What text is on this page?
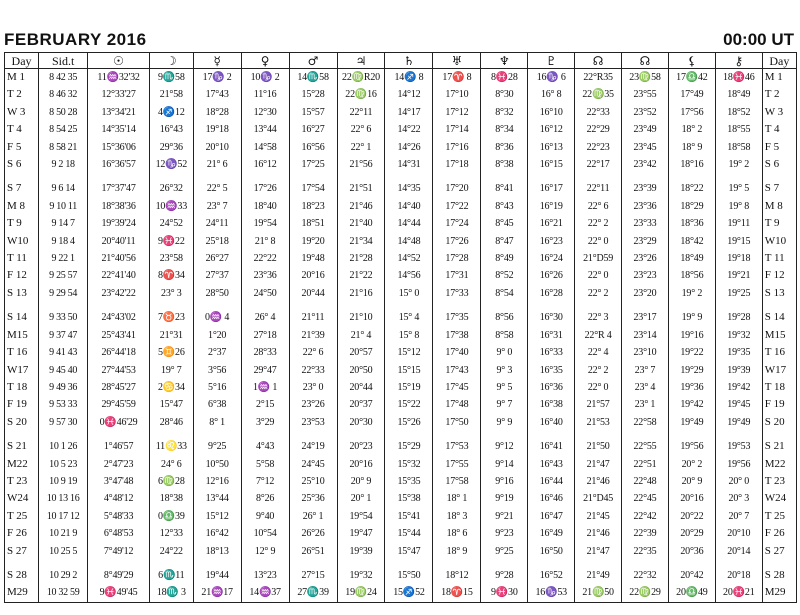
FEBRUARY 2016	00:00 UT
Day	Sid.t	☉	☽	☿	♀	♂	♃	♄	♅	♆	♇	☊	☊	⚸	⚷	Day
M 1	8 42 35	11♒32'32	9♏58	17♑ 2	10♑ 2	14♏58	22♍R20	14♐ 8	17♈ 8	8♓28	16♑ 6	22°R35	23♍58	17♎42	18♓46	M 1
T 2	8 46 32	12°33'27	21°58	17°43	11°16	15°28	22♍16	14°12	17°10	8°30	16° 8	22♍35	23°55	17°49	18°49	T 2
W 3	8 50 28	13°34'21	4♐12	18°28	12°30	15°57	22°11	14°17	17°12	8°32	16°10	22°33	23°52	17°56	18°52	W 3
T 4	8 54 25	14°35'14	16°43	19°18	13°44	16°27	22° 6	14°22	17°14	8°34	16°12	22°29	23°49	18° 2	18°55	T 4
F 5	8 58 21	15°36'06	29°36	20°10	14°58	16°56	22° 1	14°26	17°16	8°36	16°13	22°23	23°45	18° 9	18°58	F 5
S 6	9 2 18	16°36'57	12♑52	21° 6	16°12	17°25	21°56	14°31	17°18	8°38	16°15	22°17	23°42	18°16	19° 2	S 6
S 7	9 6 14	17°37'47	26°32	22° 5	17°26	17°54	21°51	14°35	17°20	8°41	16°17	22°11	23°39	18°22	19° 5	S 7
M 8	9 10 11	18°38'36	10♒33	23° 7	18°40	18°23	21°46	14°40	17°22	8°43	16°19	22° 6	23°36	18°29	19° 8	M 8
T 9	9 14 7	19°39'24	24°52	24°11	19°54	18°51	21°40	14°44	17°24	8°45	16°21	22° 2	23°33	18°36	19°11	T 9
W10	9 18 4	20°40'11	9♓22	25°18	21° 8	19°20	21°34	14°48	17°26	8°47	16°23	22° 0	23°29	18°42	19°15	W10
T 11	9 22 1	21°40'56	23°58	26°27	22°22	19°48	21°28	14°52	17°28	8°49	16°24	21°D59	23°26	18°49	19°18	T 11
F 12	9 25 57	22°41'40	8♈34	27°37	23°36	20°16	21°22	14°56	17°31	8°52	16°26	22° 0	23°23	18°56	19°21	F 12
S 13	9 29 54	23°42'22	23° 3	28°50	24°50	20°44	21°16	15° 0	17°33	8°54	16°28	22° 2	23°20	19° 2	19°25	S 13
S 14	9 33 50	24°43'02	7♉23	0♒ 4	26° 4	21°11	21°10	15° 4	17°35	8°56	16°30	22° 3	23°17	19° 9	19°28	S 14
M15	9 37 47	25°43'41	21°31	1°20	27°18	21°39	21° 4	15° 8	17°38	8°58	16°31	22°R 4	23°14	19°16	19°32	M15
T 16	9 41 43	26°44'18	5♊26	2°37	28°33	22° 6	20°57	15°12	17°40	9° 0	16°33	22° 4	23°10	19°22	19°35	T 16
W17	9 45 40	27°44'53	19° 7	3°56	29°47	22°33	20°50	15°15	17°43	9° 3	16°35	22° 2	23° 7	19°29	19°39	W17
T 18	9 49 36	28°45'27	2♋34	5°16	1♒ 1	23° 0	20°44	15°19	17°45	9° 5	16°36	22° 0	23° 4	19°36	19°42	T 18
F 19	9 53 33	29°45'59	15°47	6°38	2°15	23°26	20°37	15°22	17°48	9° 7	16°38	21°57	23° 1	19°42	19°45	F 19
S 20	9 57 30	0♓46'29	28°46	8° 1	3°29	23°53	20°30	15°26	17°50	9° 9	16°40	21°53	22°58	19°49	19°49	S 20
S 21	10 1 26	1°46'57	11♌33	9°25	4°43	24°19	20°23	15°29	17°53	9°12	16°41	21°50	22°55	19°56	19°53	S 21
M22	10 5 23	2°47'23	24° 6	10°50	5°58	24°45	20°16	15°32	17°55	9°14	16°43	21°47	22°51	20° 2	19°56	M22
T 23	10 9 19	3°47'48	6♍28	12°16	7°12	25°10	20° 9	15°35	17°58	9°16	16°44	21°46	22°48	20° 9	20° 0	T 23
W24	10 13 16	4°48'12	18°38	13°44	8°26	25°36	20° 1	15°38	18° 1	9°19	16°46	21°D45	22°45	20°16	20° 3	W24
T 25	10 17 12	5°48'33	0♎39	15°12	9°40	26° 1	19°54	15°41	18° 3	9°21	16°47	21°45	22°42	20°22	20° 7	T 25
F 26	10 21 9	6°48'53	12°33	16°42	10°54	26°26	19°47	15°44	18° 6	9°23	16°49	21°46	22°39	20°29	20°10	F 26
S 27	10 25 5	7°49'12	24°22	18°13	12° 9	26°51	19°39	15°47	18° 9	9°25	16°50	21°47	22°35	20°36	20°14	S 27
S 28	10 29 2	8°49'29	6♏11	19°44	13°23	27°15	19°32	15°50	18°12	9°28	16°52	21°49	22°32	20°42	20°18	S 28
M29	10 32 59	9♓49'45	18♏ 3	21♒17	14♒37	27♏39	19♍24	15♐52	18♈15	9♓30	16♑53	21♍50	22♍29	20♎49	20♓21	M29
